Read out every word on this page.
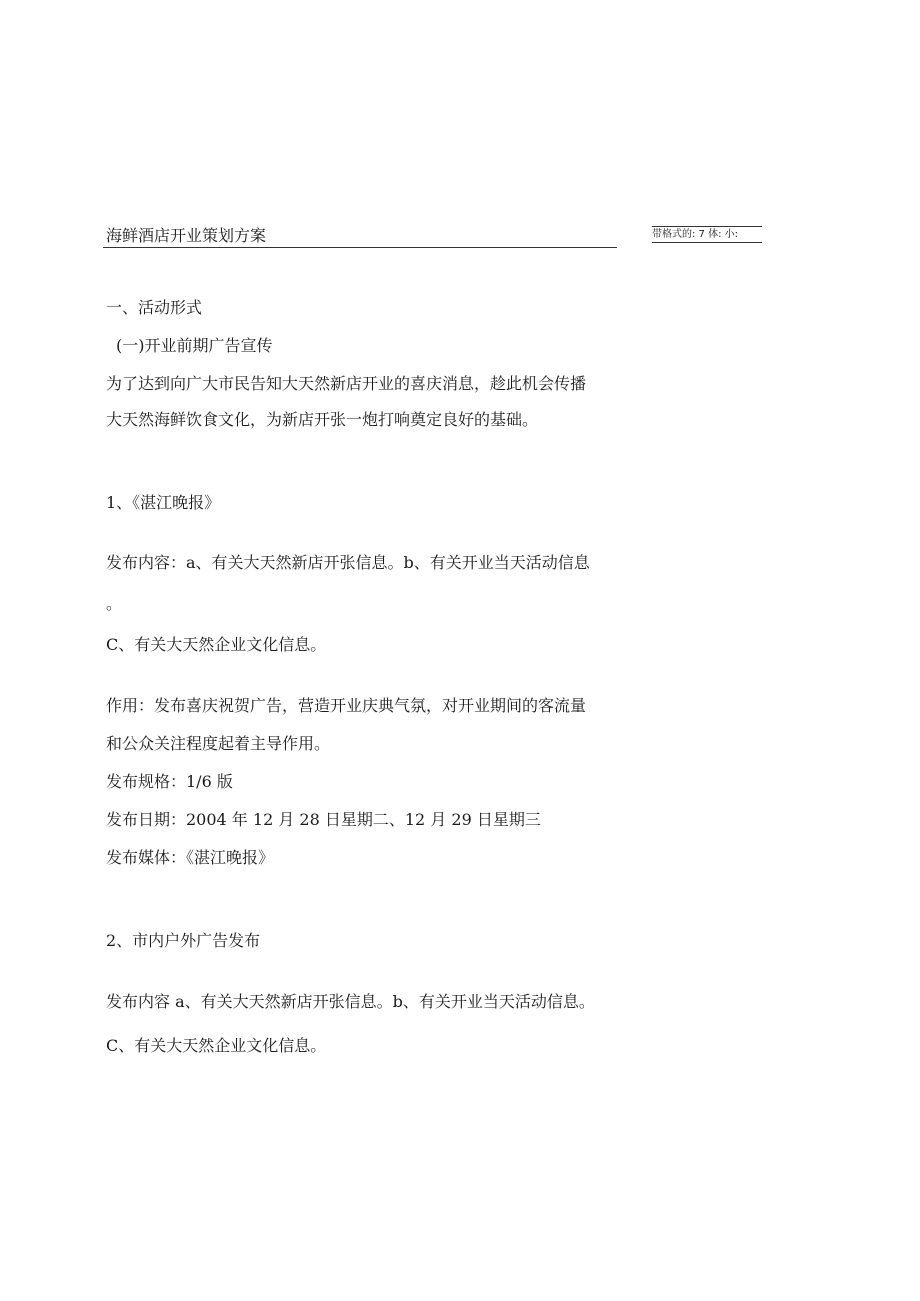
海鲜酒店开业策划方案	带格式的: 7 体: 小:
一、活动形式
(一)开业前期广告宣传
为了达到向广大市民告知大天然新店开业的喜庆消息，趁此机会传播
大天然海鲜饮食文化，为新店开张一炮打响奠定良好的基础。
1、《湛江晚报》
发布内容：a、有关大天然新店开张信息。b、有关开业当天活动信息
。
C、有关大天然企业文化信息。
作用：发布喜庆祝贺广告，营造开业庆典气氛，对开业期间的客流量
和公众关注程度起着主导作用。
发布规格：1/6 版
发布日期：2004 年 12 月 28 日星期二、12 月 29 日星期三
发布媒体：《湛江晚报》
2、市内户外广告发布
发布内容 a、有关大天然新店开张信息。b、有关开业当天活动信息。
C、有关大天然企业文化信息。
